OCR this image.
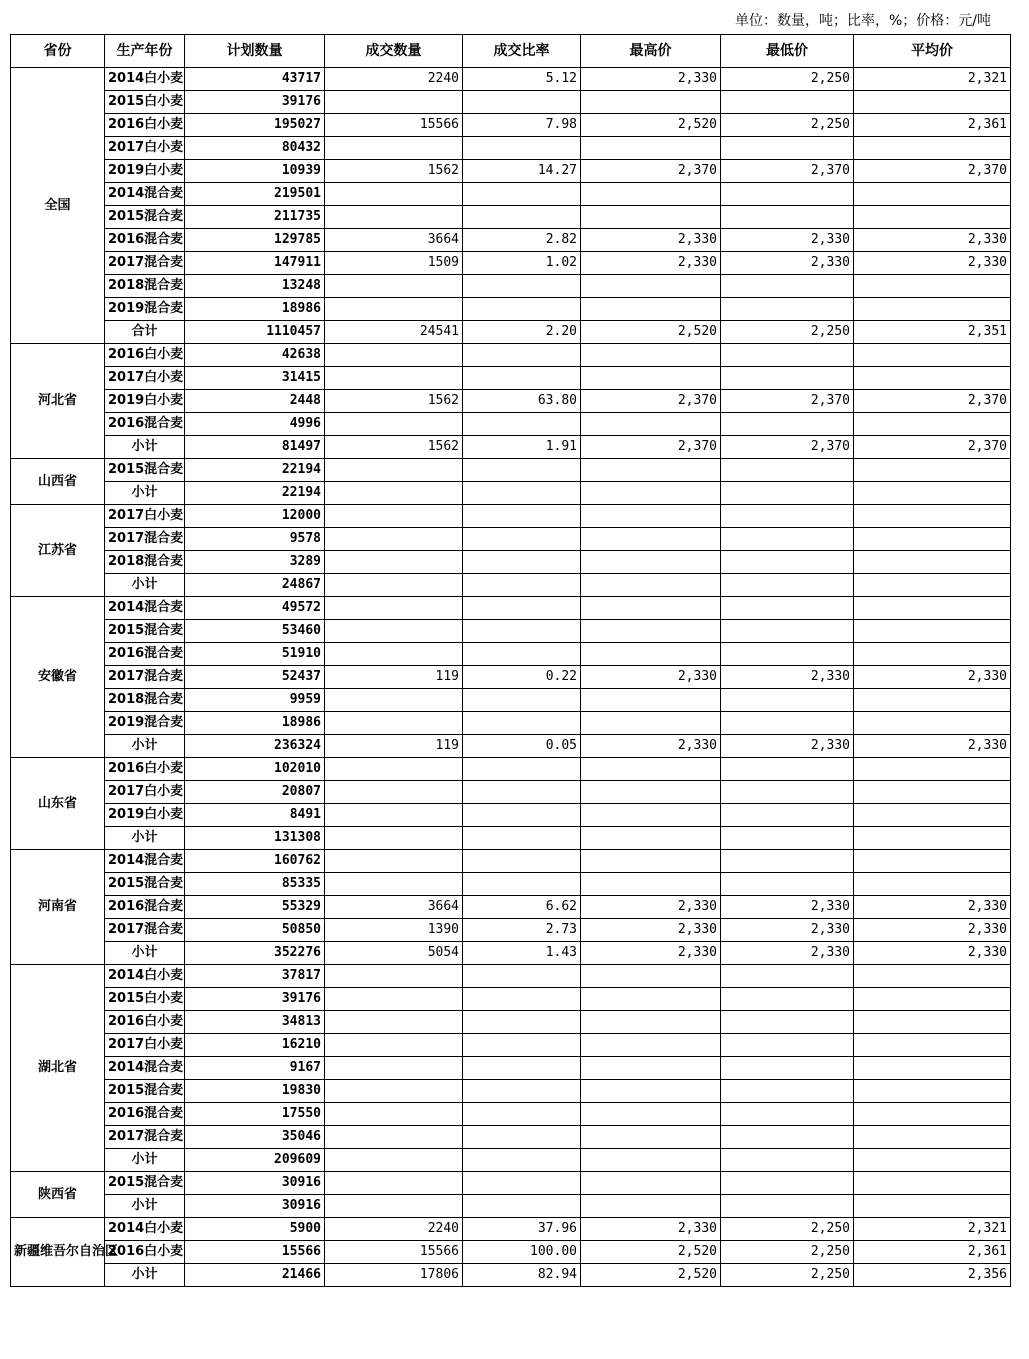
单位：数量，吨；比率，%；价格：元/吨
省份	生产年份	计划数量	成交数量	成交比率	最高价	最低价	平均价
全国	2014白小麦	43717	2240	5.12	2,330	2,250	2,321
	2015白小麦	39176					
	2016白小麦	195027	15566	7.98	2,520	2,250	2,361
	2017白小麦	80432					
	2019白小麦	10939	1562	14.27	2,370	2,370	2,370
	2014混合麦	219501					
	2015混合麦	211735					
	2016混合麦	129785	3664	2.82	2,330	2,330	2,330
	2017混合麦	147911	1509	1.02	2,330	2,330	2,330
	2018混合麦	13248					
	2019混合麦	18986					
	合计	1110457	24541	2.20	2,520	2,250	2,351
河北省	2016白小麦	42638					
	2017白小麦	31415					
	2019白小麦	2448	1562	63.80	2,370	2,370	2,370
	2016混合麦	4996					
	小计	81497	1562	1.91	2,370	2,370	2,370
山西省	2015混合麦	22194					
	小计	22194					
江苏省	2017白小麦	12000					
	2017混合麦	9578					
	2018混合麦	3289					
	小计	24867					
安徽省	2014混合麦	49572					
	2015混合麦	53460					
	2016混合麦	51910					
	2017混合麦	52437	119	0.22	2,330	2,330	2,330
	2018混合麦	9959					
	2019混合麦	18986					
	小计	236324	119	0.05	2,330	2,330	2,330
山东省	2016白小麦	102010					
	2017白小麦	20807					
	2019白小麦	8491					
	小计	131308					
河南省	2014混合麦	160762					
	2015混合麦	85335					
	2016混合麦	55329	3664	6.62	2,330	2,330	2,330
	2017混合麦	50850	1390	2.73	2,330	2,330	2,330
	小计	352276	5054	1.43	2,330	2,330	2,330
湖北省	2014白小麦	37817					
	2015白小麦	39176					
	2016白小麦	34813					
	2017白小麦	16210					
	2014混合麦	9167					
	2015混合麦	19830					
	2016混合麦	17550					
	2017混合麦	35046					
	小计	209609					
陕西省	2015混合麦	30916					
	小计	30916					
新疆维吾尔自治区	2014白小麦	5900	2240	37.96	2,330	2,250	2,321
	2016白小麦	15566	15566	100.00	2,520	2,250	2,361
	小计	21466	17806	82.94	2,520	2,250	2,356
